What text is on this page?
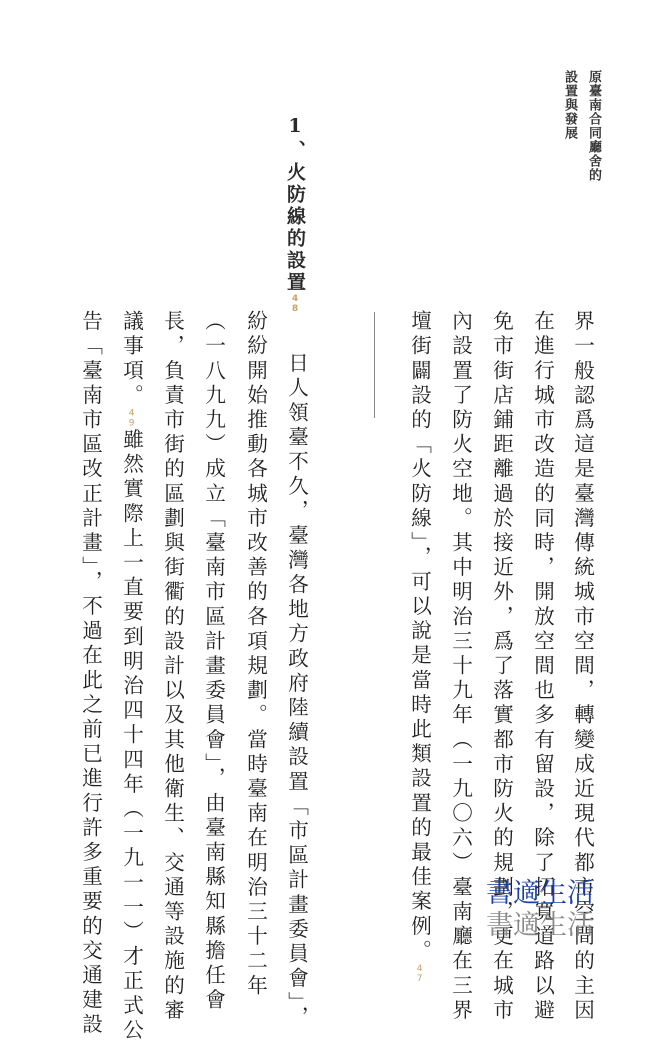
原臺南合同廳舍的
設置與發展
1、火防線的設置48
界一般認爲這是臺灣傳統城市空間，轉變成近現代都市空間的主因
在進行城市改造的同時，開放空間也多有留設，除了拓寬道路以避
免市街店鋪距離過於接近外，爲了落實都市防火的規劃，更在城市
內設置了防火空地。其中明治三十九年（一九〇六）臺南廳在三界
壇街闢設的「火防線」，可以說是當時此類設置的最佳案例。47
日人領臺不久，臺灣各地方政府陸續設置「市區計畫委員會」，
紛紛開始推動各城市改善的各項規劃。當時臺南在明治三十二年
（一八九九）成立「臺南市區計畫委員會」，由臺南縣知縣擔任會
長，負責市街的區劃與街衢的設計以及其他衛生、交通等設施的審
議事項。49雖然實際上一直要到明治四十四年（一九一一）才正式公
告「臺南市區改正計畫」，不過在此之前已進行許多重要的交通建設	書適生活
書適生活
